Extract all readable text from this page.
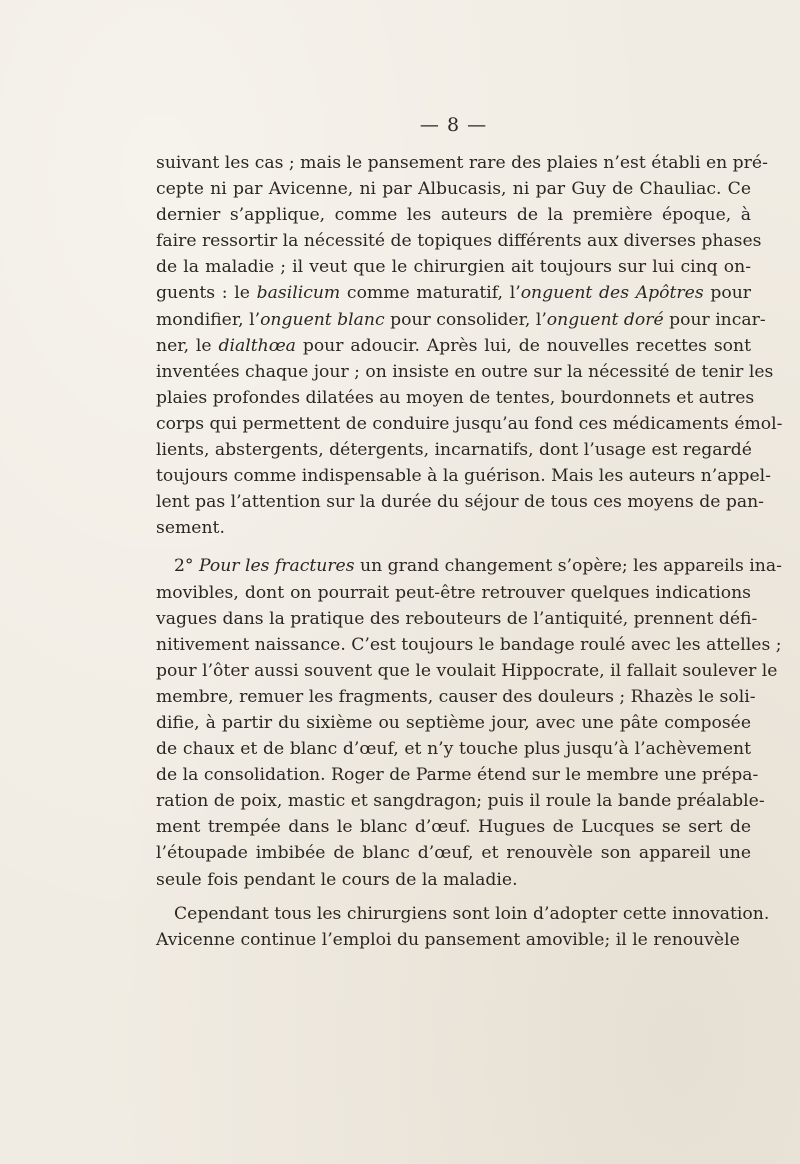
— 8 —
suivant les cas ; mais le pansement rare des plaies n’est établi en pré-
cepte ni par Avicenne, ni par Albucasis, ni par Guy de Chauliac. Ce
dernier s’applique, comme les auteurs de la première époque, à
faire ressortir la nécessité de topiques différents aux diverses phases
de la maladie ; il veut que le chirurgien ait toujours sur lui cinq on-
guents : le basilicum comme maturatif, l’onguent des Apôtres pour
mondifier, l’onguent blanc pour consolider, l’onguent doré pour incar-
ner, le dialthœa pour adoucir. Après lui, de nouvelles recettes sont
inventées chaque jour ; on insiste en outre sur la nécessité de tenir les
plaies profondes dilatées au moyen de tentes, bourdonnets et autres
corps qui permettent de conduire jusqu’au fond ces médicaments émol-
lients, abstergents, détergents, incarnatifs, dont l’usage est regardé
toujours comme indispensable à la guérison. Mais les auteurs n’appel-
lent pas l’attention sur la durée du séjour de tous ces moyens de pan-
sement.
2° Pour les fractures un grand changement s’opère; les appareils ina-
movibles, dont on pourrait peut-être retrouver quelques indications
vagues dans la pratique des rebouteurs de l’antiquité, prennent défi-
nitivement naissance. C’est toujours le bandage roulé avec les attelles ;
pour l’ôter aussi souvent que le voulait Hippocrate, il fallait soulever le
membre, remuer les fragments, causer des douleurs ; Rhazès le soli-
difie, à partir du sixième ou septième jour, avec une pâte composée
de chaux et de blanc d’œuf, et n’y touche plus jusqu’à l’achèvement
de la consolidation. Roger de Parme étend sur le membre une prépa-
ration de poix, mastic et sangdragon; puis il roule la bande préalable-
ment trempée dans le blanc d’œuf. Hugues de Lucques se sert de
l’étoupade imbibée de blanc d’œuf, et renouvèle son appareil une
seule fois pendant le cours de la maladie.
Cependant tous les chirurgiens sont loin d’adopter cette innovation.
Avicenne continue l’emploi du pansement amovible; il le renouvèle
